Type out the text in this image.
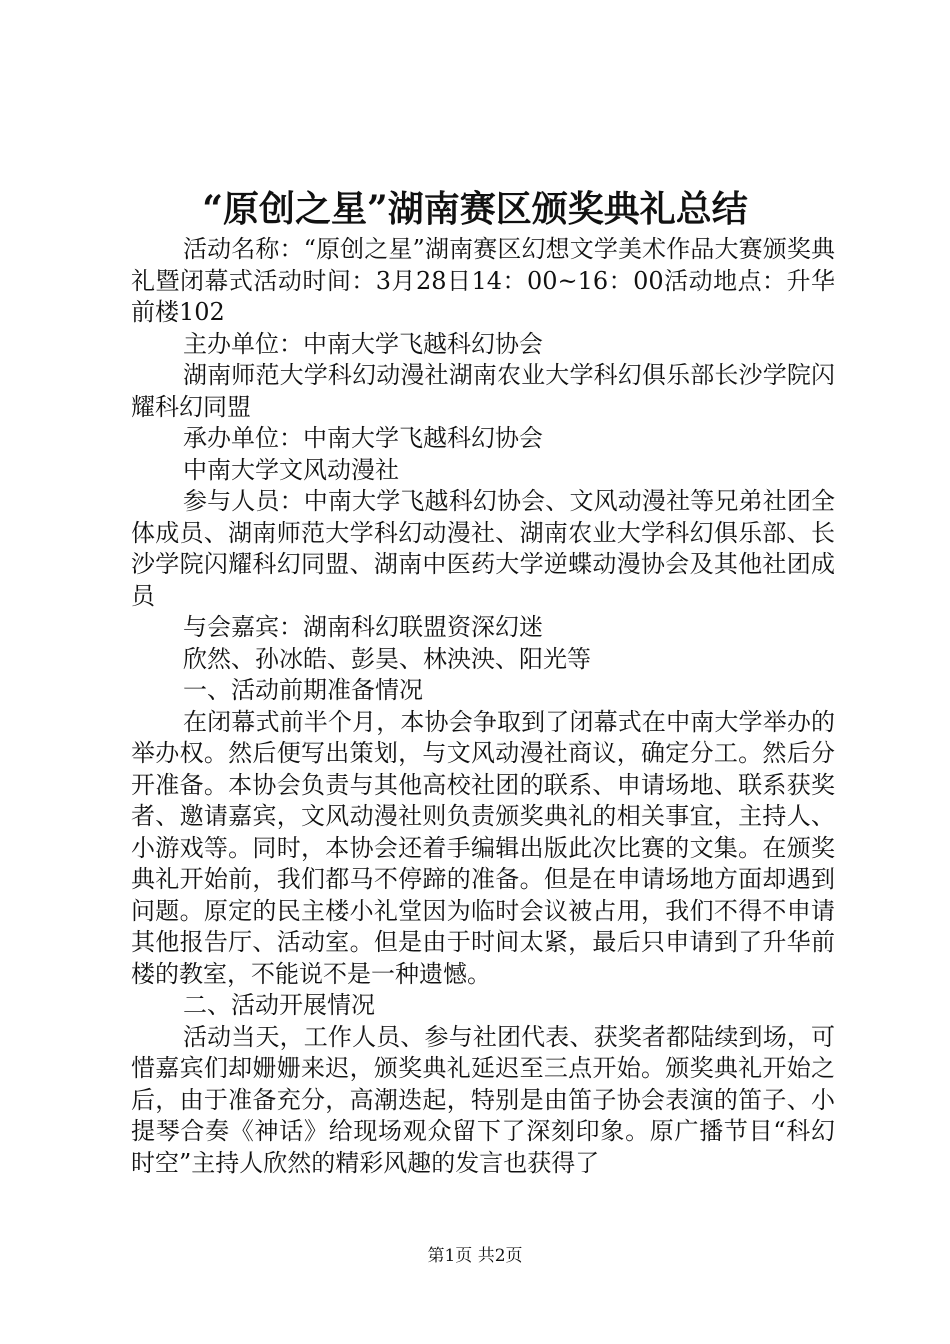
“原创之星”湖南赛区颁奖典礼总结

活动名称：“原创之星”湖南赛区幻想文学美术作品大赛颁奖典礼暨闭幕式活动时间：3月28日14：00~16：00活动地点：升华前楼102

主办单位：中南大学飞越科幻协会

湖南师范大学科幻动漫社湖南农业大学科幻俱乐部长沙学院闪耀科幻同盟

承办单位：中南大学飞越科幻协会

中南大学文风动漫社

参与人员：中南大学飞越科幻协会、文风动漫社等兄弟社团全体成员、湖南师范大学科幻动漫社、湖南农业大学科幻俱乐部、长沙学院闪耀科幻同盟、湖南中医药大学逆蝶动漫协会及其他社团成员

与会嘉宾：湖南科幻联盟资深幻迷

欣然、孙冰皓、彭昊、林泱泱、阳光等

一、活动前期准备情况

在闭幕式前半个月，本协会争取到了闭幕式在中南大学举办的举办权。然后便写出策划，与文风动漫社商议，确定分工。然后分开准备。本协会负责与其他高校社团的联系、申请场地、联系获奖者、邀请嘉宾，文风动漫社则负责颁奖典礼的相关事宜，主持人、小游戏等。同时，本协会还着手编辑出版此次比赛的文集。在颁奖典礼开始前，我们都马不停蹄的准备。但是在申请场地方面却遇到问题。原定的民主楼小礼堂因为临时会议被占用，我们不得不申请其他报告厅、活动室。但是由于时间太紧，最后只申请到了升华前楼的教室，不能说不是一种遗憾。

二、活动开展情况

活动当天，工作人员、参与社团代表、获奖者都陆续到场，可惜嘉宾们却姗姗来迟，颁奖典礼延迟至三点开始。颁奖典礼开始之后，由于准备充分，高潮迭起，特别是由笛子协会表演的笛子、小提琴合奏《神话》给现场观众留下了深刻印象。原广播节目“科幻时空”主持人欣然的精彩风趣的发言也获得了

第1页 共2页
